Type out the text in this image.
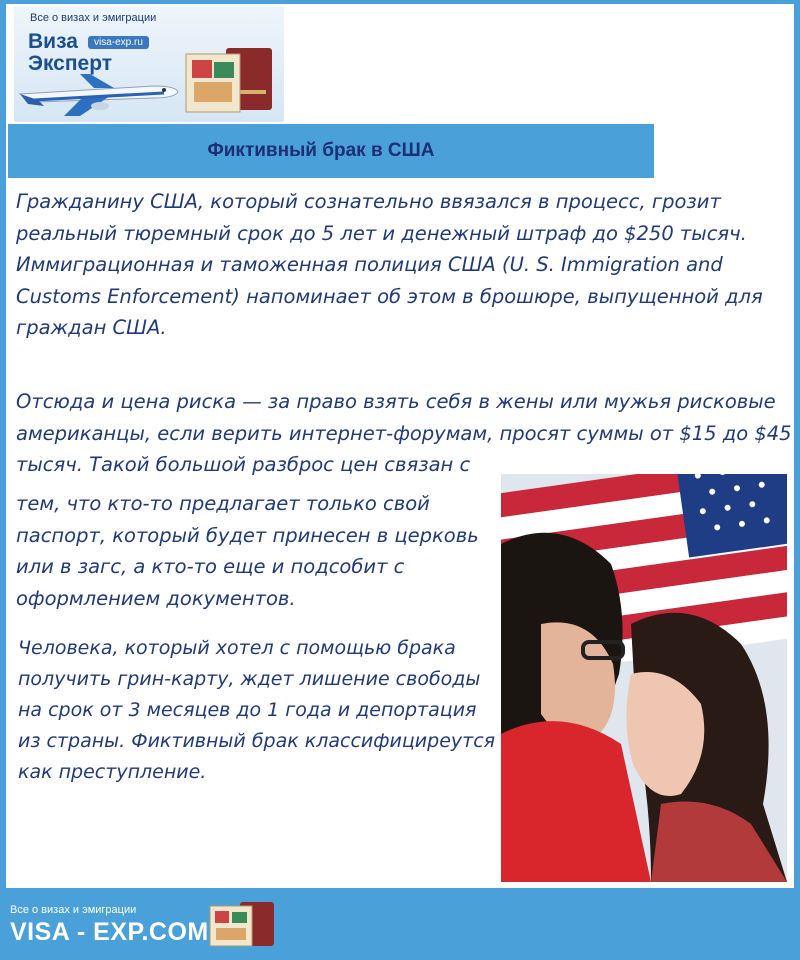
Все о визах и эмиграции
Виза
Эксперт
visa-exp.ru
Фиктивный брак в США

Гражданину США, который сознательно ввязался в процесс, грозит реальный тюремный срок до 5 лет и денежный штраф до $250 тысяч. Иммиграционная и таможенная полиция США (U. S. Immigration and Customs Enforcement) напоминает об этом в брошюре, выпущенной для граждан США.

Отсюда и цена риска — за право взять себя в жены или мужья рисковые американцы, если верить интернет-форумам, просят суммы от $15 до $45 тысяч. Такой большой разброс цен связан с

тем, что кто-то предлагает только свой паспорт, который будет принесен в церковь или в загс, а кто-то еще и подсобит с оформлением документов.

Человека, который хотел с помощью брака получить грин-карту, ждет лишение свободы на срок от 3 месяцев до 1 года и депортация из страны. Фиктивный брак классифициреутся как преступление.

Все о визах и эмиграции
VISA - EXP.COM
